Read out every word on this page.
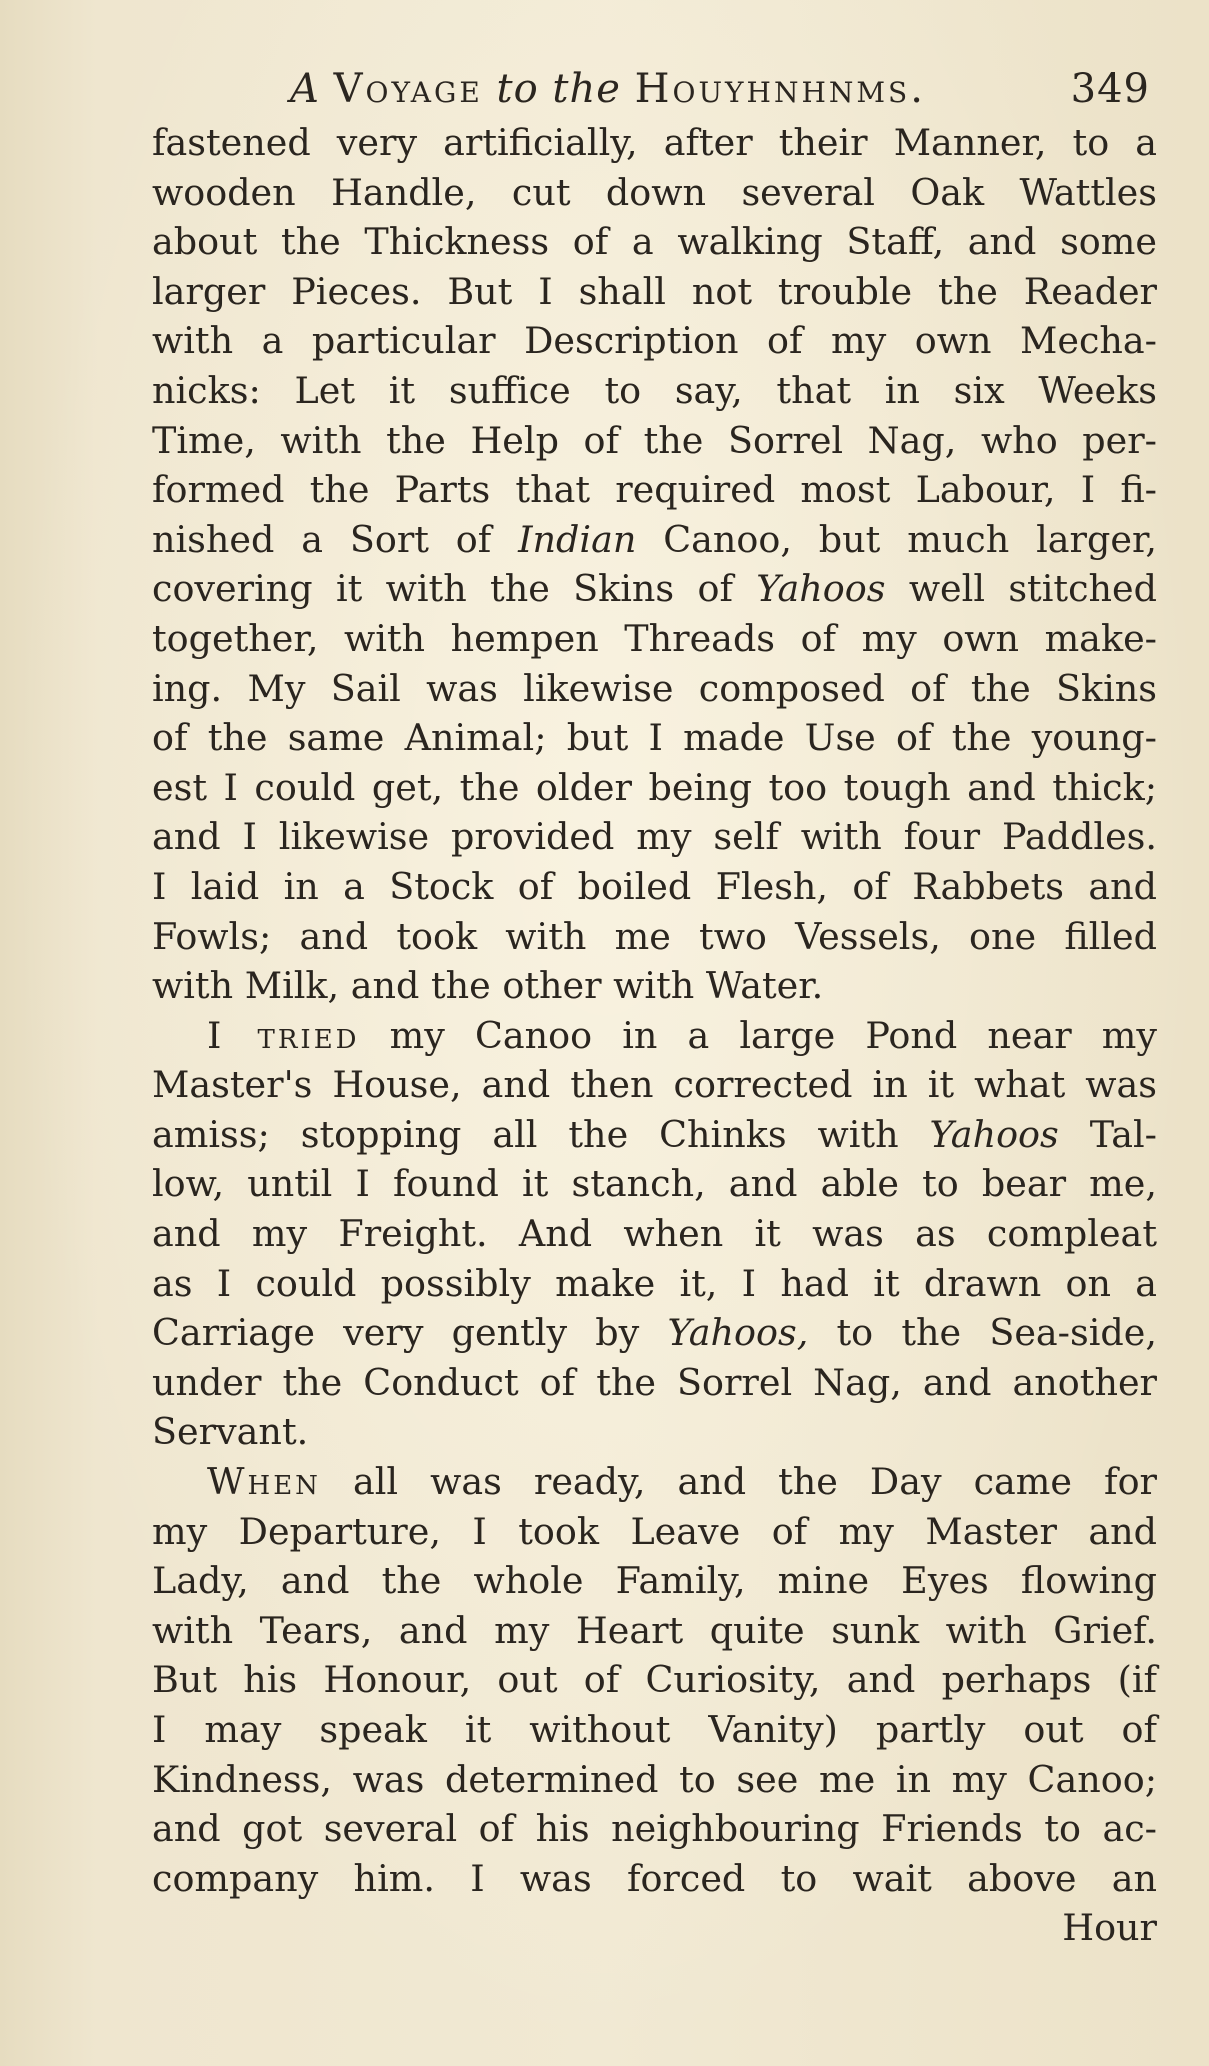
A Voyage to the Houyhnhnms.	349
fastened very artificially, after their Manner, to a
wooden Handle, cut down several Oak Wattles
about the Thickness of a walking Staff, and some
larger Pieces. But I shall not trouble the Reader
with a particular Description of my own Mecha-
nicks: Let it suffice to say, that in six Weeks
Time, with the Help of the Sorrel Nag, who per-
formed the Parts that required most Labour, I fi-
nished a Sort of Indian Canoo, but much larger,
covering it with the Skins of Yahoos well stitched
together, with hempen Threads of my own make-
ing. My Sail was likewise composed of the Skins
of the same Animal; but I made Use of the young-
est I could get, the older being too tough and thick;
and I likewise provided my self with four Paddles.
I laid in a Stock of boiled Flesh, of Rabbets and
Fowls; and took with me two Vessels, one filled
with Milk, and the other with Water.
I tried my Canoo in a large Pond near my
Master's House, and then corrected in it what was
amiss; stopping all the Chinks with Yahoos Tal-
low, until I found it stanch, and able to bear me,
and my Freight. And when it was as compleat
as I could possibly make it, I had it drawn on a
Carriage very gently by Yahoos, to the Sea-side,
under the Conduct of the Sorrel Nag, and another
Servant.
When all was ready, and the Day came for
my Departure, I took Leave of my Master and
Lady, and the whole Family, mine Eyes flowing
with Tears, and my Heart quite sunk with Grief.
But his Honour, out of Curiosity, and perhaps (if
I may speak it without Vanity) partly out of
Kindness, was determined to see me in my Canoo;
and got several of his neighbouring Friends to ac-
company him. I was forced to wait above an
Hour
